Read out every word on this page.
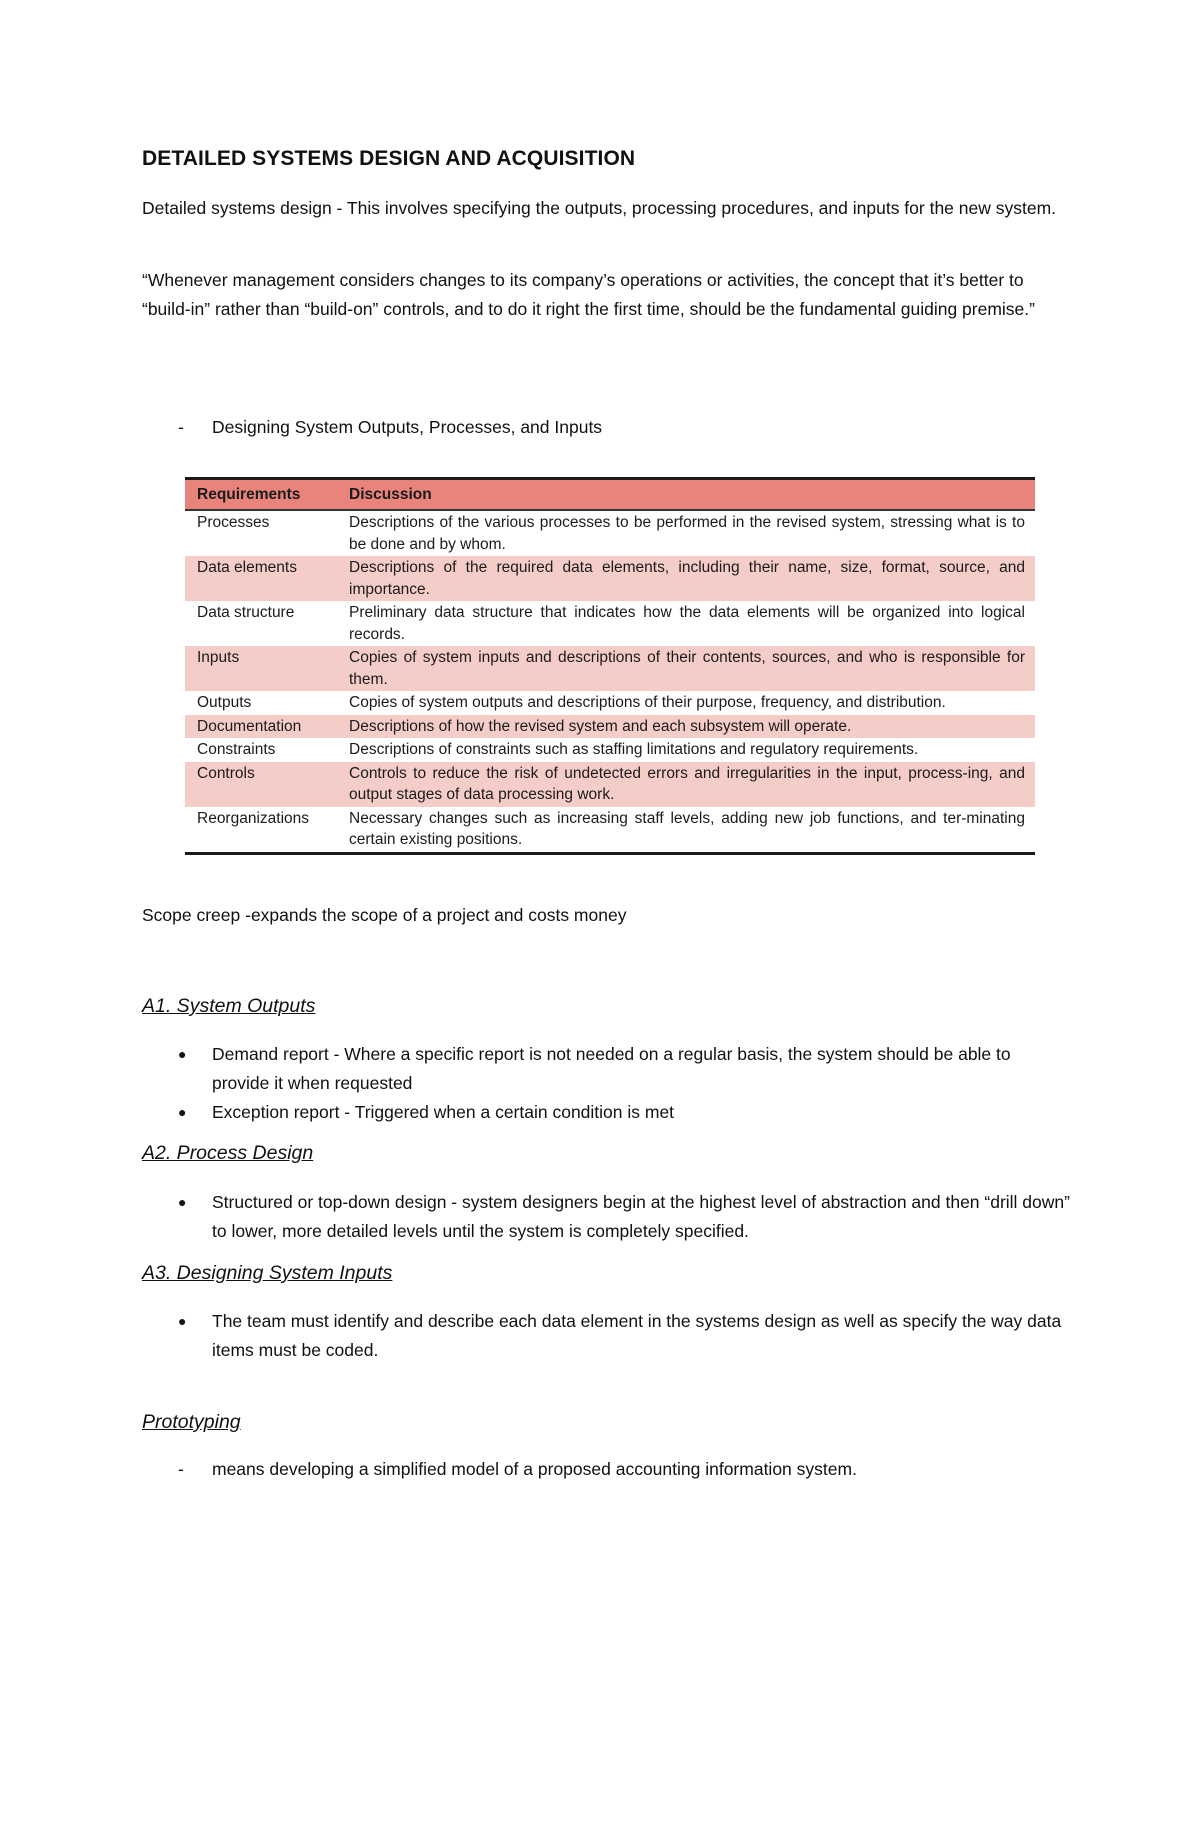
DETAILED SYSTEMS DESIGN AND ACQUISITION
Detailed systems design - This involves specifying the outputs, processing procedures, and inputs for the new system.
“Whenever management considers changes to its company’s operations or activities, the concept that it’s better to “build-in” rather than “build-on” controls, and to do it right the first time, should be the fundamental guiding premise.”
- Designing System Outputs, Processes, and Inputs
Requirements	Discussion
Processes	Descriptions of the various processes to be performed in the revised system, stressing what is to be done and by whom.
Data elements	Descriptions of the required data elements, including their name, size, format, source, and importance.
Data structure	Preliminary data structure that indicates how the data elements will be organized into logical records.
Inputs	Copies of system inputs and descriptions of their contents, sources, and who is responsible for them.
Outputs	Copies of system outputs and descriptions of their purpose, frequency, and distribution.
Documentation	Descriptions of how the revised system and each subsystem will operate.
Constraints	Descriptions of constraints such as staffing limitations and regulatory requirements.
Controls	Controls to reduce the risk of undetected errors and irregularities in the input, process-ing, and output stages of data processing work.
Reorganizations	Necessary changes such as increasing staff levels, adding new job functions, and ter-minating certain existing positions.
Scope creep -expands the scope of a project and costs money
A1. System Outputs
● Demand report - Where a specific report is not needed on a regular basis, the system should be able to provide it when requested
● Exception report - Triggered when a certain condition is met
A2. Process Design
● Structured or top-down design - system designers begin at the highest level of abstraction and then “drill down” to lower, more detailed levels until the system is completely specified.
A3. Designing System Inputs
● The team must identify and describe each data element in the systems design as well as specify the way data items must be coded.
Prototyping
- means developing a simplified model of a proposed accounting information system.
